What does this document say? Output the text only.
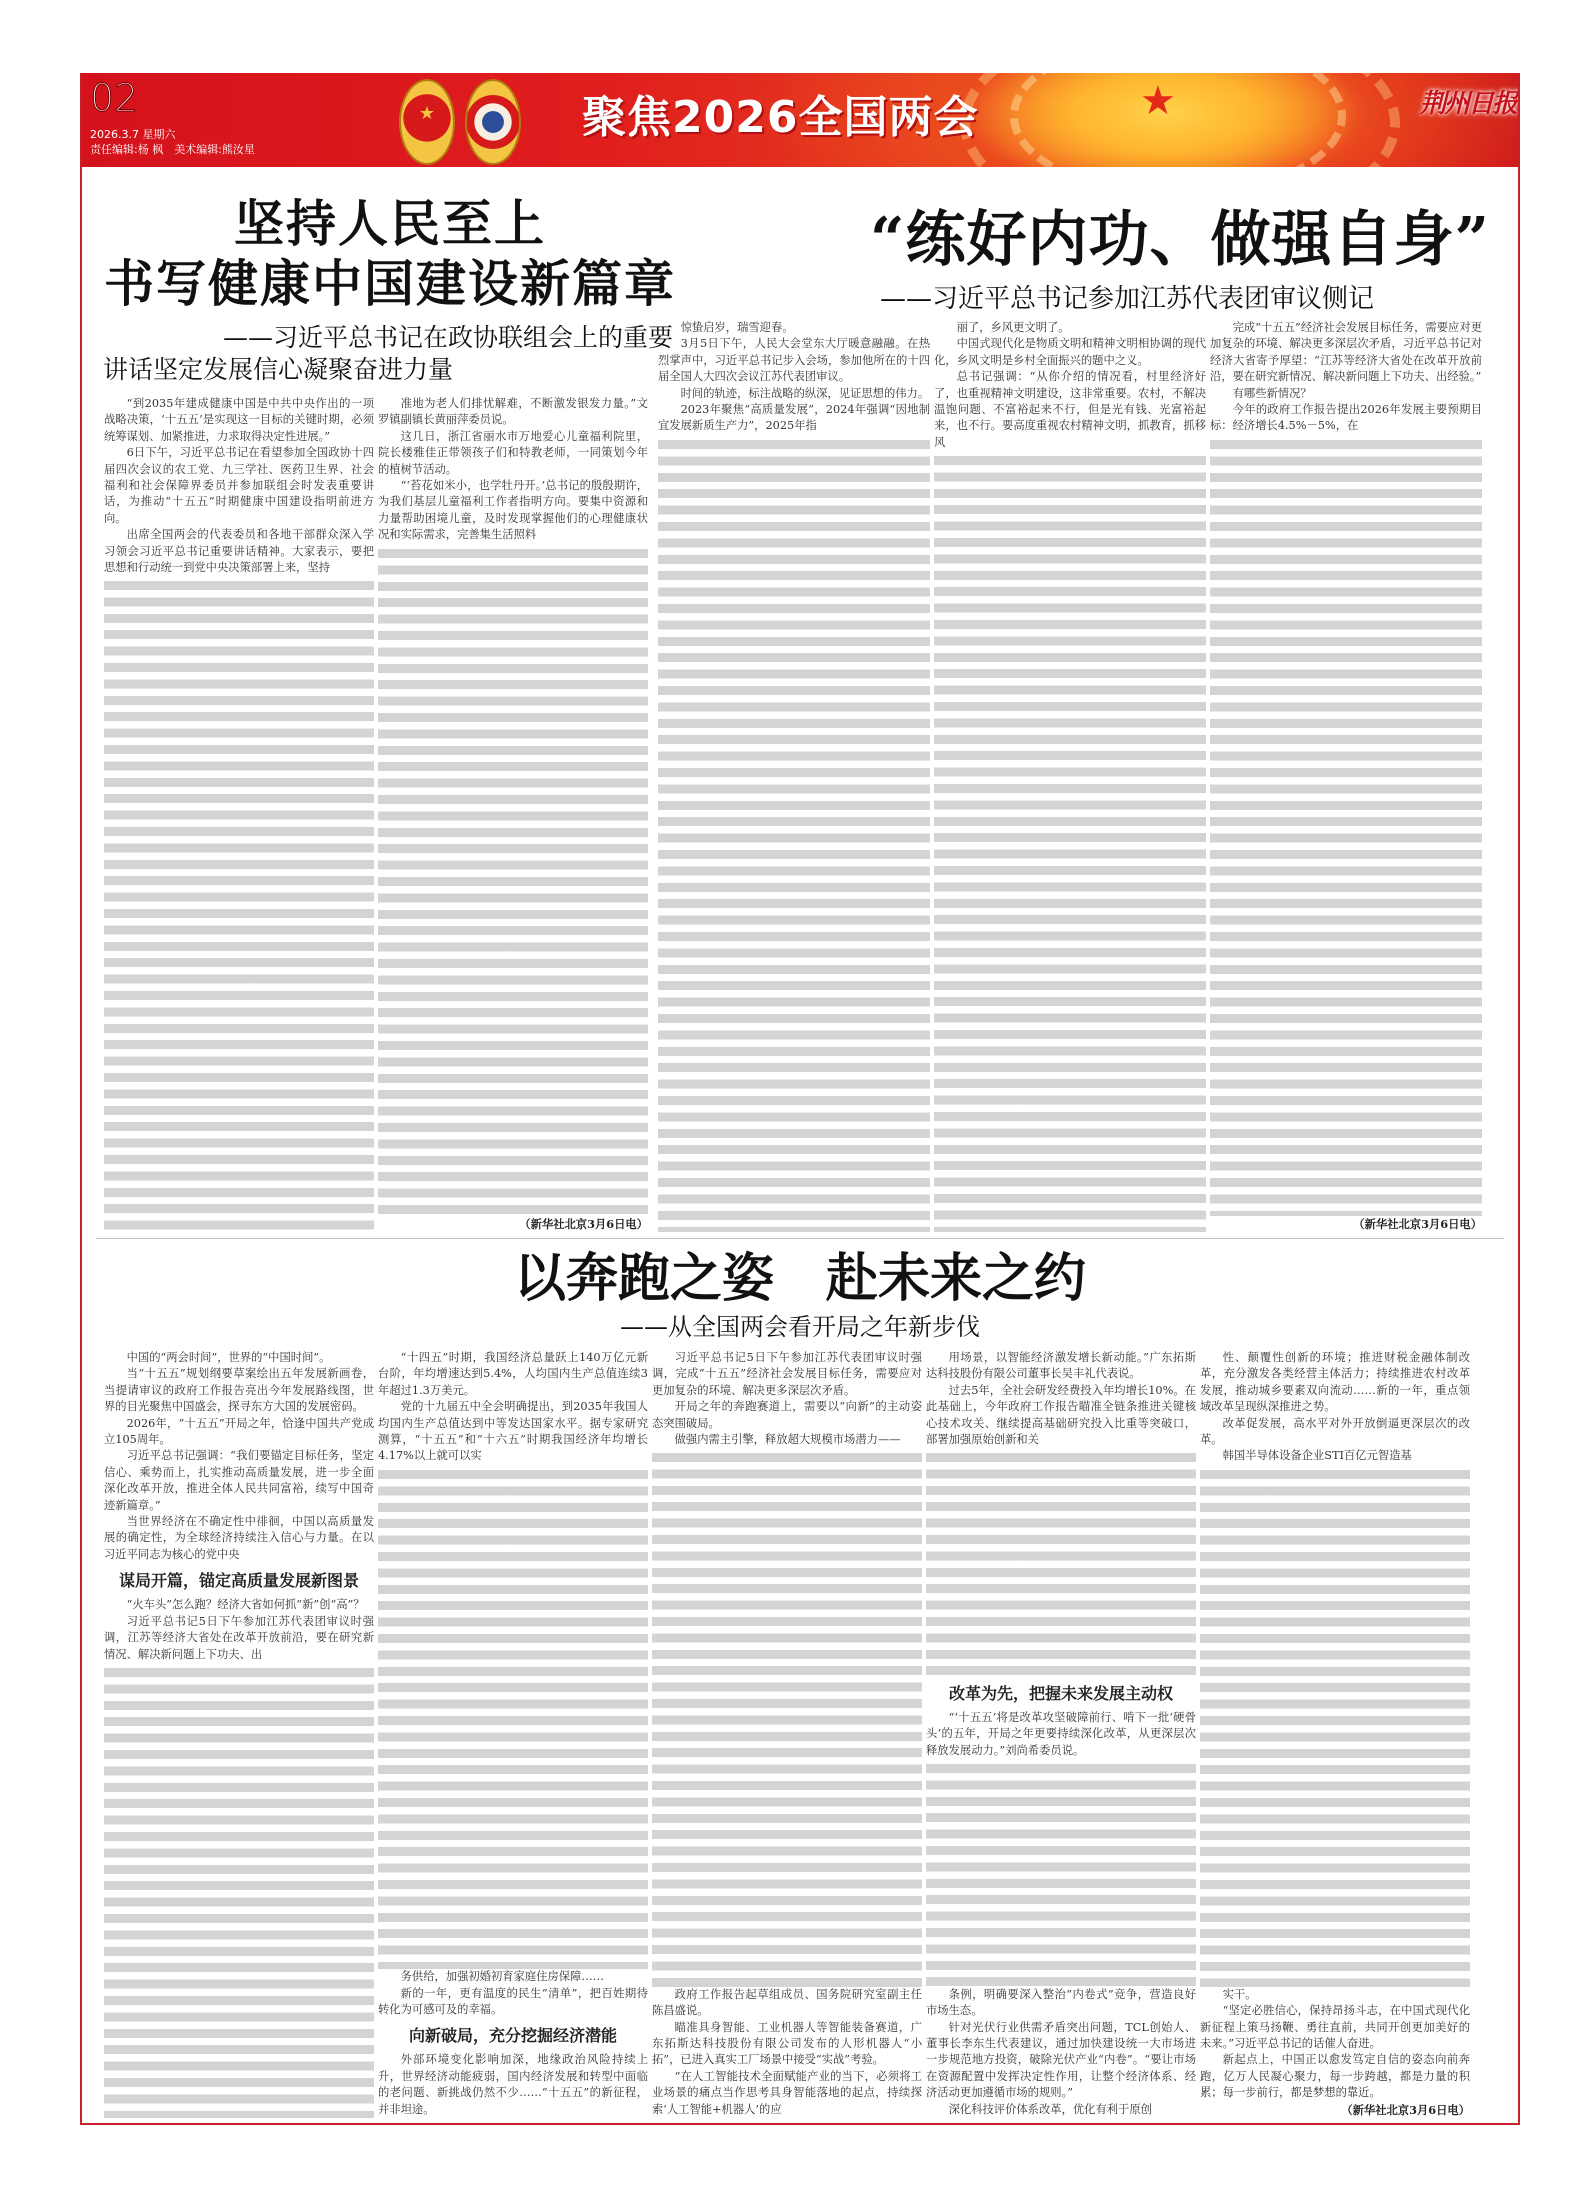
★
02
2026.3.7 星期六
责任编辑:杨 枫　美术编辑:熊汝星
★	聚焦2026全国两会	荆州日报
坚持人民至上
书写健康中国建设新篇章
——习近平总书记在政协联组会上的重要讲话坚定发展信心凝聚奋进力量

“到2035年建成健康中国是中共中央作出的一项战略决策，‘十五五’是实现这一目标的关键时期，必须统筹谋划、加紧推进，力求取得决定性进展。”

6日下午，习近平总书记在看望参加全国政协十四届四次会议的农工党、九三学社、医药卫生界、社会福利和社会保障界委员并参加联组会时发表重要讲话，为推动“十五五”时期健康中国建设指明前进方向。

出席全国两会的代表委员和各地干部群众深入学习领会习近平总书记重要讲话精神。大家表示，要把思想和行动统一到党中央决策部署上来，坚持

准地为老人们排忧解难，不断激发银发力量。”文罗镇副镇长黄丽萍委员说。

这几日，浙江省丽水市万地爱心儿童福利院里，院长楼雅佳正带领孩子们和特教老师，一同策划今年的植树节活动。

“‘苔花如米小，也学牡丹开。’总书记的殷殷期许，为我们基层儿童福利工作者指明方向。要集中资源和力量帮助困境儿童，及时发现掌握他们的心理健康状况和实际需求，完善集生活照料

（新华社北京3月6日电）
“练好内功、做强自身”
——习近平总书记参加江苏代表团审议侧记

惊蛰启岁，瑞雪迎春。

3月5日下午，人民大会堂东大厅暖意融融。在热烈掌声中，习近平总书记步入会场，参加他所在的十四届全国人大四次会议江苏代表团审议。

时间的轨迹，标注战略的纵深，见证思想的伟力。

2023年聚焦“高质量发展”，2024年强调“因地制宜发展新质生产力”，2025年指

丽了，乡风更文明了。

中国式现代化是物质文明和精神文明相协调的现代化，乡风文明是乡村全面振兴的题中之义。

总书记强调：“从你介绍的情况看，村里经济好了，也重视精神文明建设，这非常重要。农村，不解决温饱问题、不富裕起来不行，但是光有钱、光富裕起来，也不行。要高度重视农村精神文明，抓教育，抓移风

完成“十五五”经济社会发展目标任务，需要应对更加复杂的环境、解决更多深层次矛盾，习近平总书记对经济大省寄予厚望：“江苏等经济大省处在改革开放前沿，要在研究新情况、解决新问题上下功夫、出经验。”

有哪些新情况？

今年的政府工作报告提出2026年发展主要预期目标：经济增长4.5%－5%，在

（新华社北京3月6日电）
以奔跑之姿　赴未来之约
——从全国两会看开局之年新步伐

中国的“两会时间”，世界的“中国时间”。

当“十五五”规划纲要草案绘出五年发展新画卷，当提请审议的政府工作报告亮出今年发展路线图，世界的目光聚焦中国盛会，探寻东方大国的发展密码。

2026年，“十五五”开局之年，恰逢中国共产党成立105周年。

习近平总书记强调：“我们要锚定目标任务，坚定信心、乘势而上，扎实推动高质量发展，进一步全面深化改革开放，推进全体人民共同富裕，续写中国奇迹新篇章。”

当世界经济在不确定性中徘徊，中国以高质量发展的确定性，为全球经济持续注入信心与力量。在以习近平同志为核心的党中央

谋局开篇，锚定高质量发展新图景

“火车头”怎么跑？经济大省如何抓“新”创“高”？

习近平总书记5日下午参加江苏代表团审议时强调，江苏等经济大省处在改革开放前沿，要在研究新情况、解决新问题上下功夫、出

“十四五”时期，我国经济总量跃上140万亿元新台阶，年均增速达到5.4%，人均国内生产总值连续3年超过1.3万美元。

党的十九届五中全会明确提出，到2035年我国人均国内生产总值达到中等发达国家水平。据专家研究测算，“十五五”和“十六五”时期我国经济年均增长4.17%以上就可以实

务供给，加强初婚初育家庭住房保障……

新的一年，更有温度的民生“清单”，把百姓期待转化为可感可及的幸福。

向新破局，充分挖掘经济潜能

外部环境变化影响加深，地缘政治风险持续上升，世界经济动能疲弱，国内经济发展和转型中面临的老问题、新挑战仍然不少……“十五五”的新征程，并非坦途。

习近平总书记5日下午参加江苏代表团审议时强调，完成“十五五”经济社会发展目标任务，需要应对更加复杂的环境、解决更多深层次矛盾。

开局之年的奔跑赛道上，需要以“向新”的主动姿态突围破局。

做强内需主引擎，释放超大规模市场潜力——

政府工作报告起草组成员、国务院研究室副主任陈昌盛说。

瞄准具身智能、工业机器人等智能装备赛道，广东拓斯达科技股份有限公司发布的人形机器人“小拓”，已进入真实工厂场景中接受“实战”考验。

“在人工智能技术全面赋能产业的当下，必须将工业场景的痛点当作思考具身智能落地的起点，持续探索‘人工智能+机器人’的应

用场景，以智能经济激发增长新动能。”广东拓斯达科技股份有限公司董事长吴丰礼代表说。

过去5年，全社会研发经费投入年均增长10%。在此基础上，今年政府工作报告瞄准全链条推进关键核心技术攻关、继续提高基础研究投入比重等突破口，部署加强原始创新和关

改革为先，把握未来发展主动权

“‘十五五’将是改革攻坚破障前行、啃下一批‘硬骨头’的五年，开局之年更要持续深化改革，从更深层次释放发展动力。”刘尚希委员说。

条例，明确要深入整治“内卷式”竞争，营造良好市场生态。

针对光伏行业供需矛盾突出问题，TCL创始人、董事长李东生代表建议，通过加快建设统一大市场进一步规范地方投资，破除光伏产业“内卷”。“要让市场在资源配置中发挥决定性作用，让整个经济体系、经济活动更加遵循市场的规则。”

深化科技评价体系改革，优化有利于原创

性、颠覆性创新的环境；推进财税金融体制改革，充分激发各类经营主体活力；持续推进农村改革发展，推动城乡要素双向流动……新的一年，重点领域改革呈现纵深推进之势。

改革促发展，高水平对外开放倒逼更深层次的改革。

韩国半导体设备企业STI百亿元智造基

实干。

“坚定必胜信心，保持昂扬斗志，在中国式现代化新征程上策马扬鞭、勇往直前，共同开创更加美好的未来。”习近平总书记的话催人奋进。

新起点上，中国正以愈发笃定自信的姿态向前奔跑，亿万人民凝心聚力，每一步跨越，都是力量的积累；每一步前行，都是梦想的靠近。

（新华社北京3月6日电）
